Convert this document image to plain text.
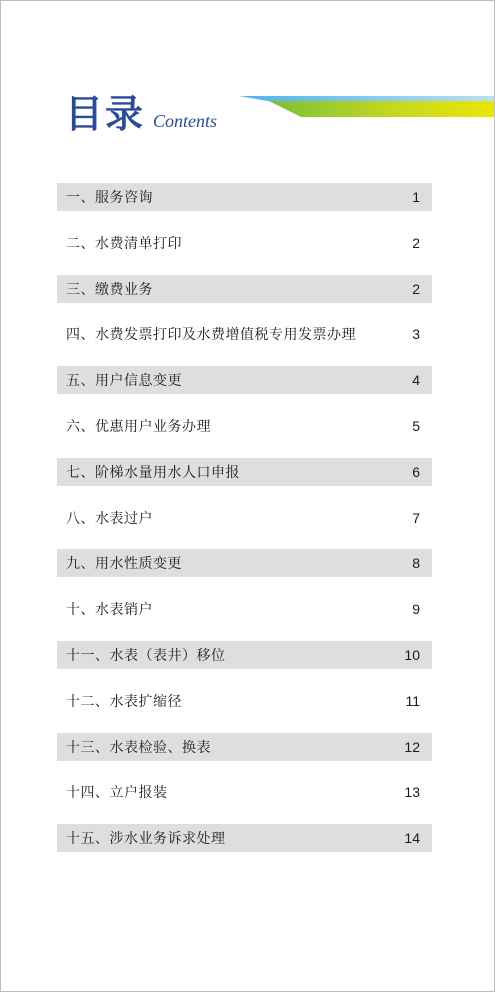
目录 Contents
一、服务咨询	1
二、水费清单打印	2
三、缴费业务	2
四、水费发票打印及水费增值税专用发票办理	3
五、用户信息变更	4
六、优惠用户业务办理	5
七、阶梯水量用水人口申报	6
八、水表过户	7
九、用水性质变更	8
十、水表销户	9
十一、水表（表井）移位	10
十二、水表扩缩径	11
十三、水表检验、换表	12
十四、立户报装	13
十五、涉水业务诉求处理	14
